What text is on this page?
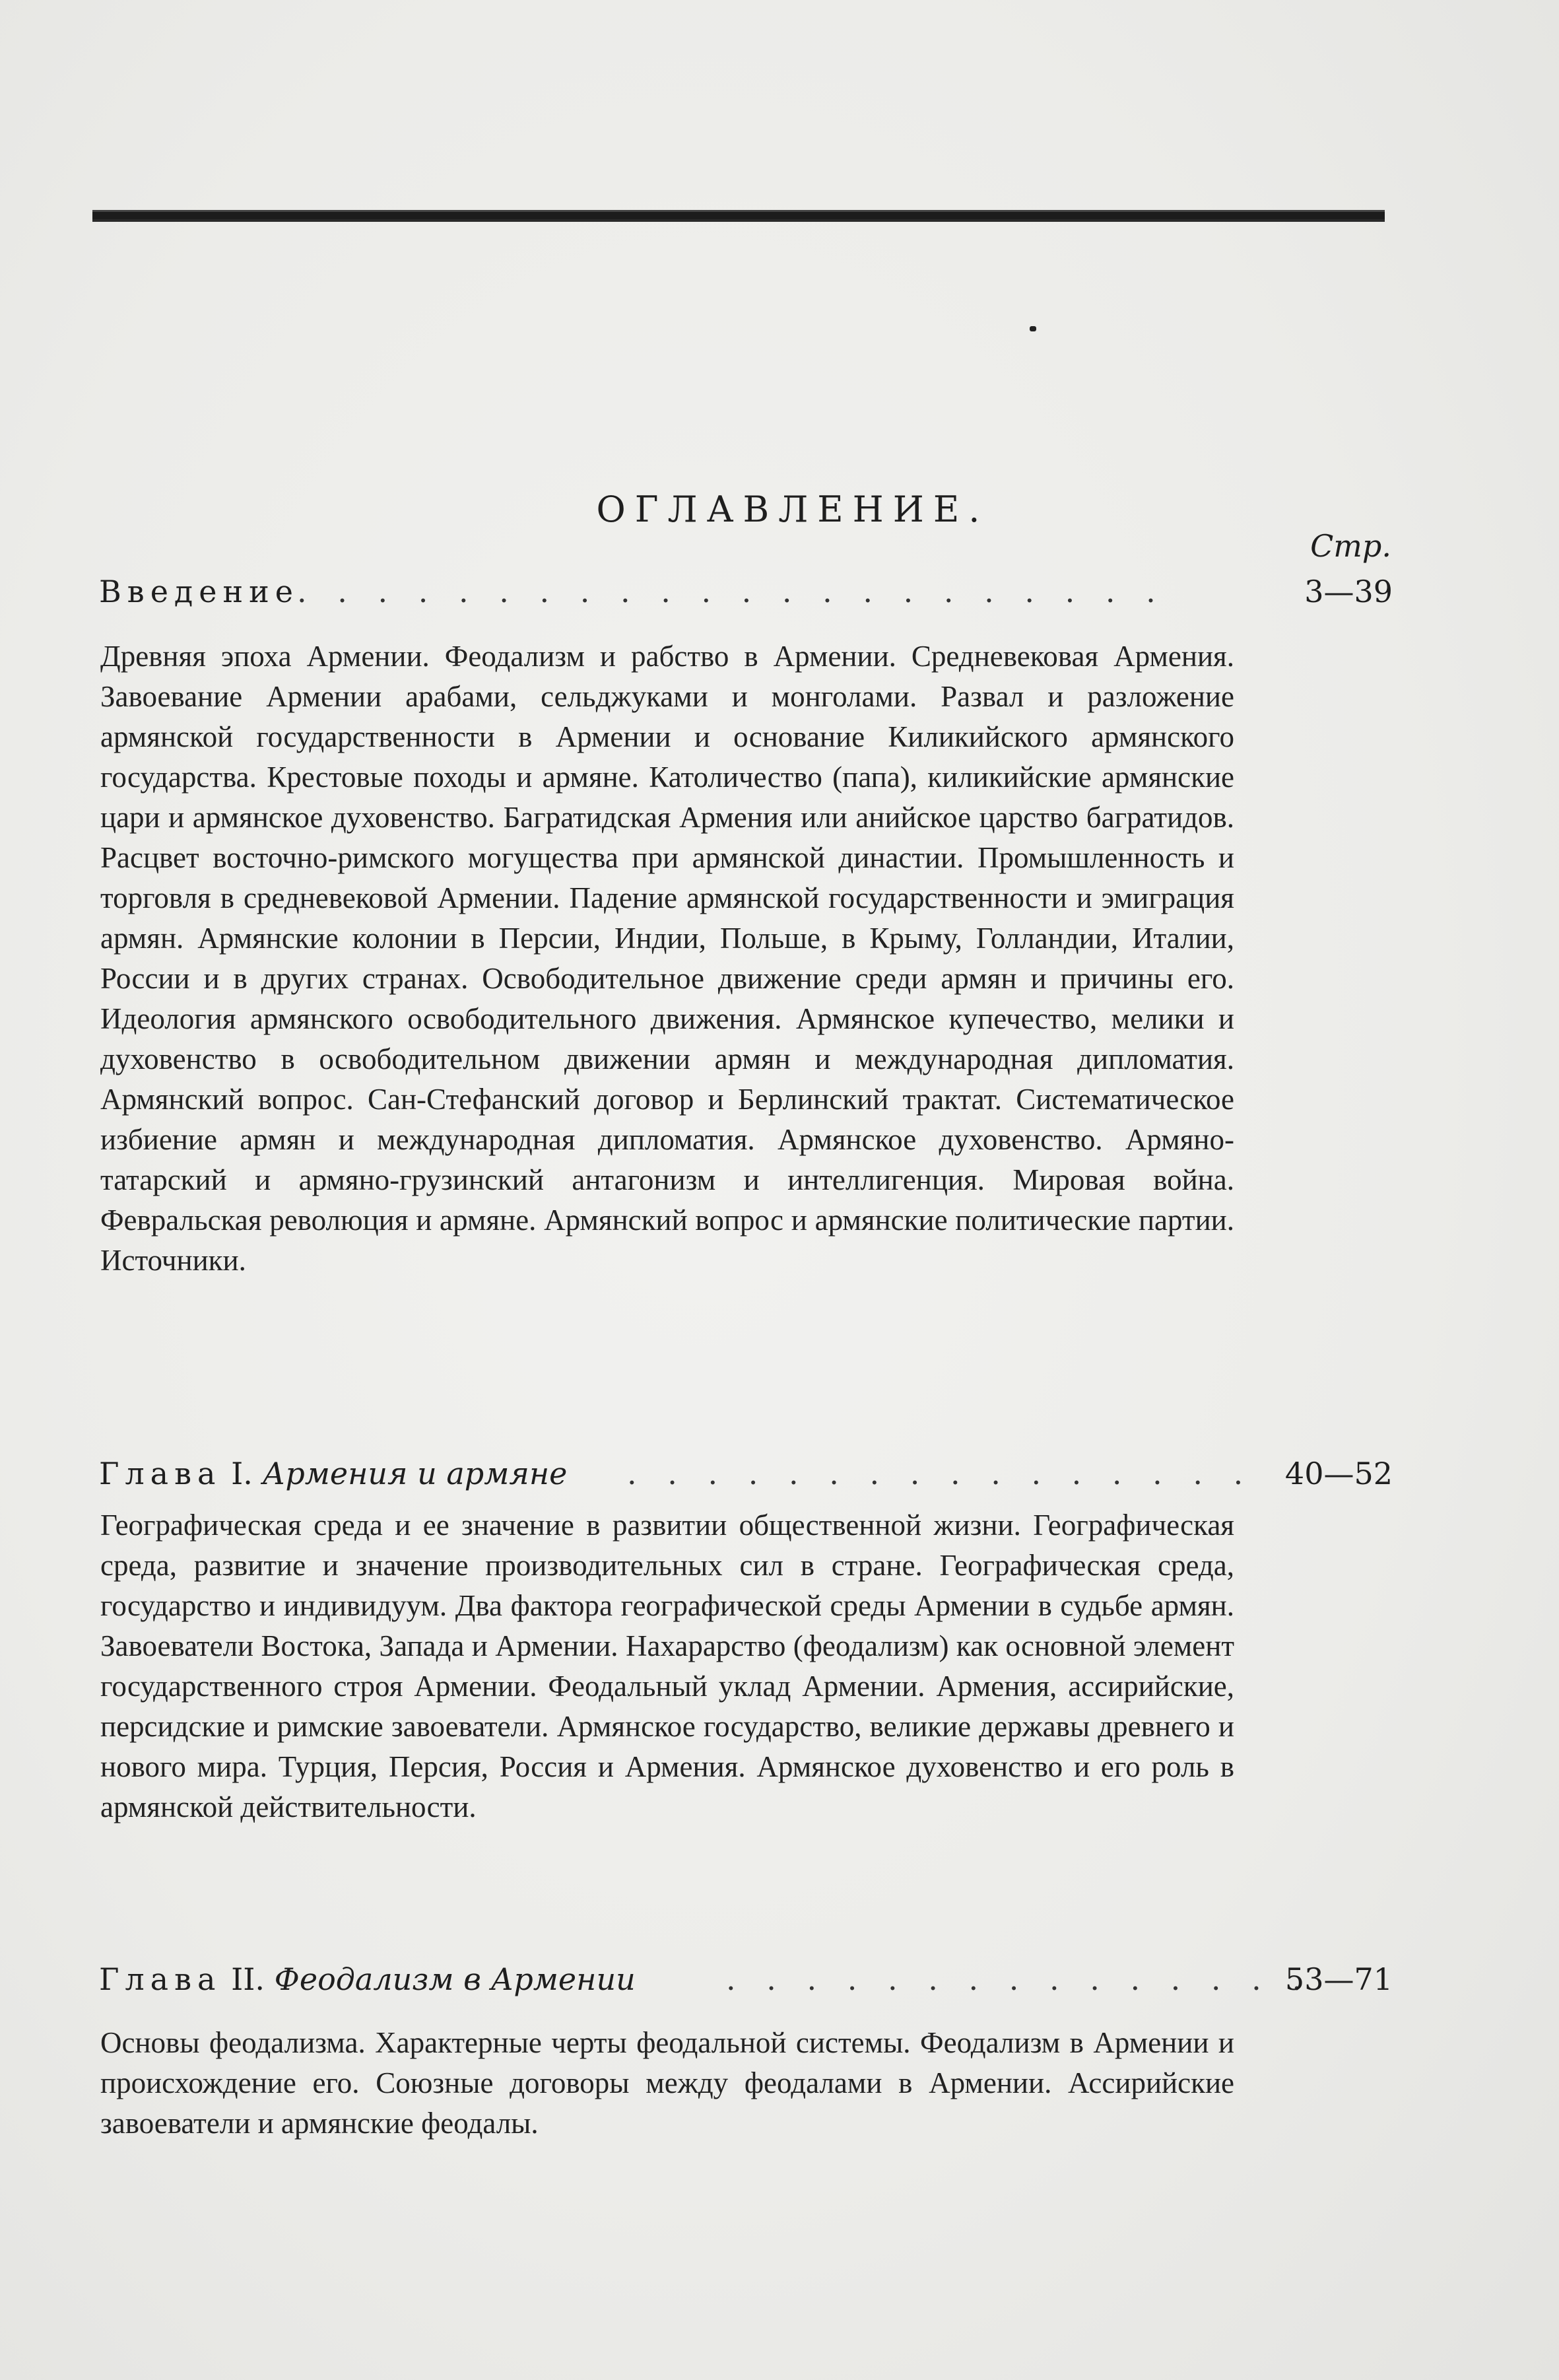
ОГЛАВЛЕНИЕ.
Стр.
Введение
. . . . . . . . . . . . . . . . . . . . . .	3—39
Древняя эпоха Армении. Феодализм и рабство в Армении. Средневековая Армения. Завоевание Армении арабами, сельджуками и монголами. Развал и разложение армянской государственности в Армении и основание Киликийского армянского государства. Крестовые походы и армяне. Католичество (папа), киликийские армянские цари и армянское духовенство. Багратидская Армения или анийское царство багратидов. Расцвет восточно-римского могущества при армянской династии. Промышленность и торговля в средневековой Армении. Падение армянской государственности и эмиграция армян. Армянские колонии в Персии, Индии, Польше, в Крыму, Голландии, Италии, России и в других странах. Освободительное движение среди армян и причины его. Идеология армянского освободительного движения. Армянское купечество, мелики и духовенство в освободительном движении армян и международная дипломатия. Армянский вопрос. Сан-Стефанский договор и Берлинский трактат. Систематическое избиение армян и международная дипломатия. Армянское духовенство. Армяно-татарский и армяно-грузинский антагонизм и интеллигенция. Мировая война. Февральская революция и армяне. Армянский вопрос и армянские политические партии. Источники.
Глава I. Армения и армяне . . . . . . . . . . . . . . . . 40—52
Географическая среда и ее значение в развитии общественной жизни. Географическая среда, развитие и значение производительных сил в стране. Географическая среда, государство и индивидуум. Два фактора географической среды Армении в судьбе армян. Завоеватели Востока, Запада и Армении. Нахарарство (феодализм) как основной элемент государственного строя Армении. Феодальный уклад Армении. Армения, ассирийские, персидские и римские завоеватели. Армянское государство, великие державы древнего и нового мира. Турция, Персия, Россия и Армения. Армянское духовенство и его роль в армянской действительности.
Глава II. Феодализм в Армении	. . . . . . . . . . . . . . .
53—71
Основы феодализма. Характерные черты феодальной системы. Феодализм в Армении и происхождение его. Союзные договоры между феодалами в Армении. Ассирийские завоеватели и армянские феодалы.
